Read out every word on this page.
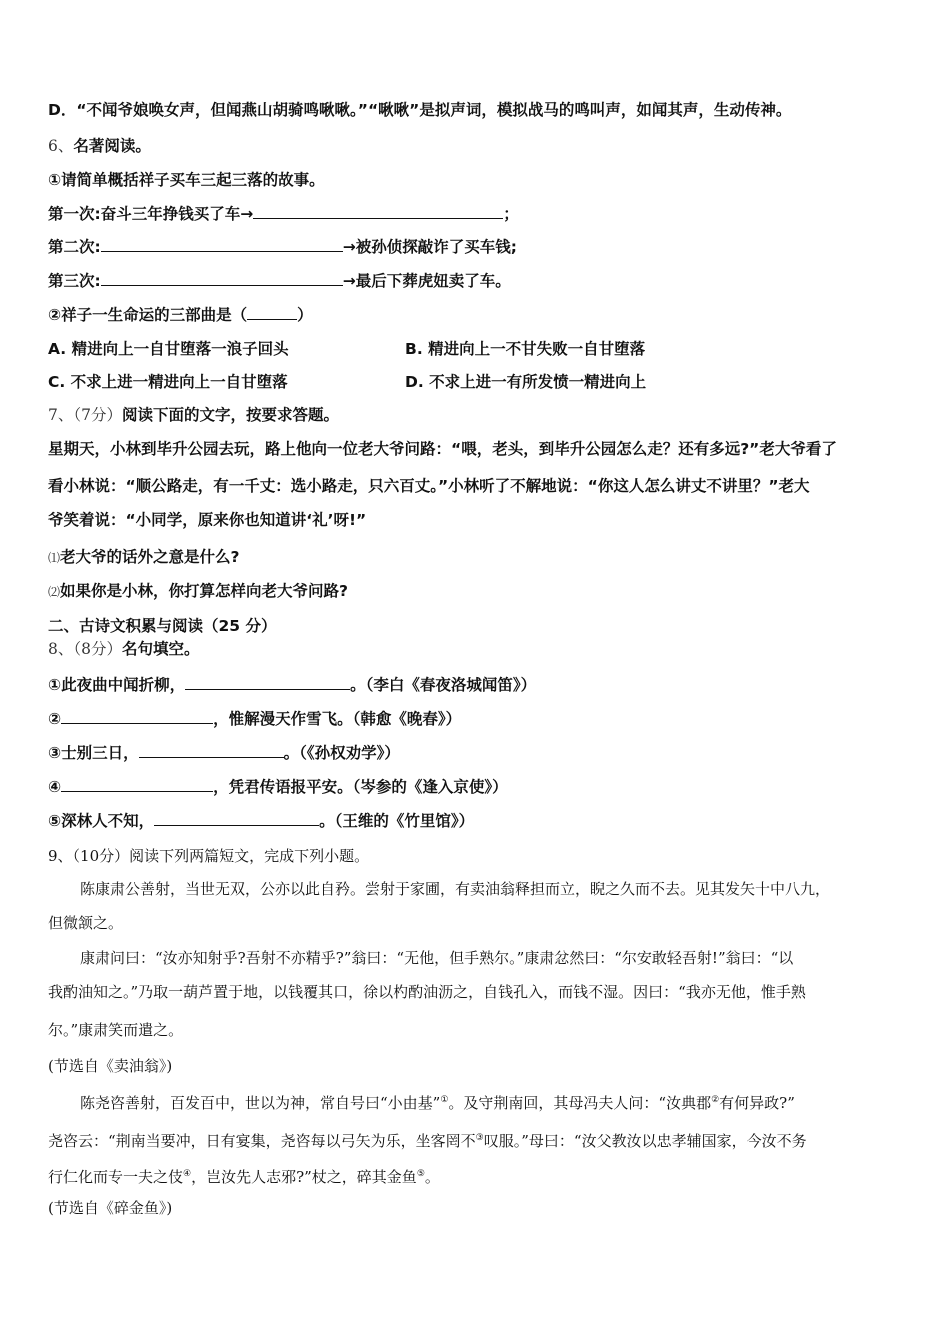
D．“不闻爷娘唤女声，但闻燕山胡骑鸣啾啾。”“啾啾”是拟声词，模拟战马的鸣叫声，如闻其声，生动传神。
6、名著阅读。
①请简单概括祥子买车三起三落的故事。
第一次:奋斗三年挣钱买了车→	；
第二次:	→被孙侦探敲诈了买车钱;
第三次:	→最后下葬虎妞卖了车。
②祥子一生命运的三部曲是（	）
A. 精进向上一自甘堕落一浪子回头	B. 精进向上一不甘失败一自甘堕落
C. 不求上进一精进向上一自甘堕落	D. 不求上进一有所发愤一精进向上
7、（7分）阅读下面的文字，按要求答题。
星期天，小林到毕升公园去玩，路上他向一位老大爷问路：“喂，老头，到毕升公园怎么走？还有多远?”老大爷看了
看小林说：“顺公路走，有一千丈：选小路走，只六百丈。”小林听了不解地说：“你这人怎么讲丈不讲里？”老大
爷笑着说：“小同学，原来你也知道讲‘礼’呀!”
⑴老大爷的话外之意是什么?
⑵如果你是小林，你打算怎样向老大爷问路?
二、古诗文积累与阅读（25 分）
8、（8分）名句填空。
①此夜曲中闻折柳，	。（李白《春夜洛城闻笛》）
②	，惟解漫天作雪飞。（韩愈《晚春》）
③士别三日，	。（《孙权劝学》）
④	，凭君传语报平安。（岑参的《逢入京使》）
⑤深林人不知，	。（王维的《竹里馆》）
9、（10分）阅读下列两篇短文，完成下列小题。
陈康肃公善射，当世无双，公亦以此自矜。尝射于家圃，有卖油翁释担而立，睨之久而不去。见其发矢十中八九，
但微颔之。
康肃问曰：“汝亦知射乎?吾射不亦精乎?”翁曰：“无他，但手熟尔。”康肃忿然曰：“尔安敢轻吾射!”翁曰：“以
我酌油知之。”乃取一葫芦置于地，以钱覆其口，徐以杓酌油沥之，自钱孔入，而钱不湿。因曰：“我亦无他，惟手熟
尔。”康肃笑而遣之。
(节选自《卖油翁》)
陈尧咨善射，百发百中，世以为神，常自号曰“小由基”①。及守荆南回，其母冯夫人问：“汝典郡②有何异政?”
尧咨云：“荆南当要冲，日有宴集，尧咨每以弓矢为乐，坐客罔不③叹服。”母曰：“汝父教汝以忠孝辅国家，今汝不务
行仁化而专一夫之伎④，岂汝先人志邪?”杖之，碎其金鱼⑤。
(节选自《碎金鱼》)
